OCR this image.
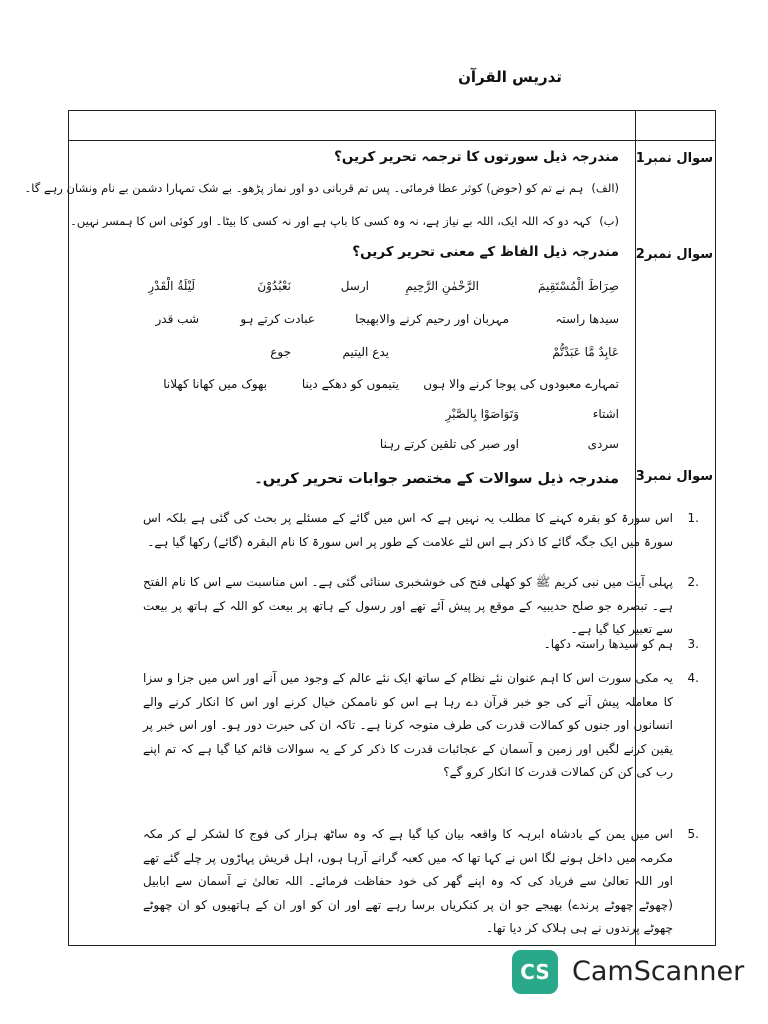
تدریس القرآن
سوال نمبر1
سوال نمبر2
سوال نمبر3
مندرجہ ذیل سورتوں کا ترجمہ تحریر کریں؟
(الف)ہم نے تم کو (حوض) کوثر عطا فرمائی۔ پس تم قربانی دو اور نماز پڑھو۔ بے شک تمہارا دشمن بے نام ونشان رہے گا۔
(ب)کہہ دو کہ اللہ ایک، اللہ بے نیاز ہے، نہ وہ کسی کا باپ ہے اور نہ کسی کا بیٹا۔ اور کوئی اس کا ہمسر نہیں۔
مندرجہ ذیل الفاظ کے معنی تحریر کریں؟
صِرَاطَ الْمُسْتَقِيمَ
الرَّحْمٰنِ الرَّحِيمِ
ارسل
نَعْبُدُوْنَ
لَيْلَةُ الْقَدْرِ
سیدھا راستہ
مہربان اور رحیم کرنے والا
بھیجا
عبادت کرتے ہو
شب قدر
عَابِدٌ مَّا عَبَدْتُّمْ
یدع الیتیم
جوع
تمہارے معبودوں کی پوجا کرنے والا ہوں
یتیموں کو دھکے دینا
بھوک میں کھانا کھلانا
اشتاء
وَتَوَاصَوْا بِالصَّبْرِ
سردی
اور صبر کی تلقین کرتے رہنا
مندرجہ ذیل سوالات کے مختصر جوابات تحریر کریں۔
1.
اس سورۃ کو بقرہ کہنے کا مطلب یہ نہیں ہے کہ اس میں گائے کے مسئلے پر بحث کی گئی ہے بلکہ اس سورۃ میں ایک جگہ گائے کا ذکر ہے اس لئے علامت کے طور پر اس سورۃ کا نام البقرہ (گائے) رکھا گیا ہے۔
2.
پہلی آیت میں نبی کریم ﷺ کو کھلی فتح کی خوشخبری سنائی گئی ہے۔ اس مناسبت سے اس کا نام الفتح ہے۔ تبصرہ جو صلح حدیبیہ کے موقع پر پیش آئے تھے اور رسول کے ہاتھ پر بیعت کو اللہ کے ہاتھ پر بیعت سے تعبیر کیا گیا ہے۔
3.
ہم کو سیدھا راستہ دکھا۔
4.
یہ مکی سورت اس کا اہم عنوان نئے نظام کے ساتھ ایک نئے عالم کے وجود میں آنے اور اس میں جزا و سزا کا معاملہ پیش آنے کی جو خبر قرآن دے رہا ہے اس کو ناممکن خیال کرنے اور اس کا انکار کرنے والے انسانوں اور جنوں کو کمالات قدرت کی طرف متوجہ کرنا ہے۔ تاکہ ان کی حیرت دور ہو۔ اور اس خبر پر یقین کرنے لگیں اور زمین و آسمان کے عجائبات قدرت کا ذکر کر کے یہ سوالات قائم کیا گیا ہے کہ تم اپنے رب کی کن کن کمالات قدرت کا انکار کرو گے؟
5.
اس میں یمن کے بادشاہ ابرہہ کا واقعہ بیان کیا گیا ہے کہ وہ ساٹھ ہزار کی فوج کا لشکر لے کر مکہ مکرمہ میں داخل ہونے لگا اس نے کہا تھا کہ میں کعبہ گرانے آرہا ہوں، اہل قریش پہاڑوں پر چلے گئے تھے اور اللہ تعالیٰ سے فریاد کی کہ وہ اپنے گھر کی خود حفاظت فرمائے۔ اللہ تعالیٰ نے آسمان سے ابابیل (چھوٹے چھوٹے پرندے) بھیجے جو ان پر کنکریاں برسا رہے تھے اور ان کو اور ان کے ہاتھیوں کو ان چھوٹے چھوٹے پرندوں نے ہی ہلاک کر دیا تھا۔
CS CamScanner
